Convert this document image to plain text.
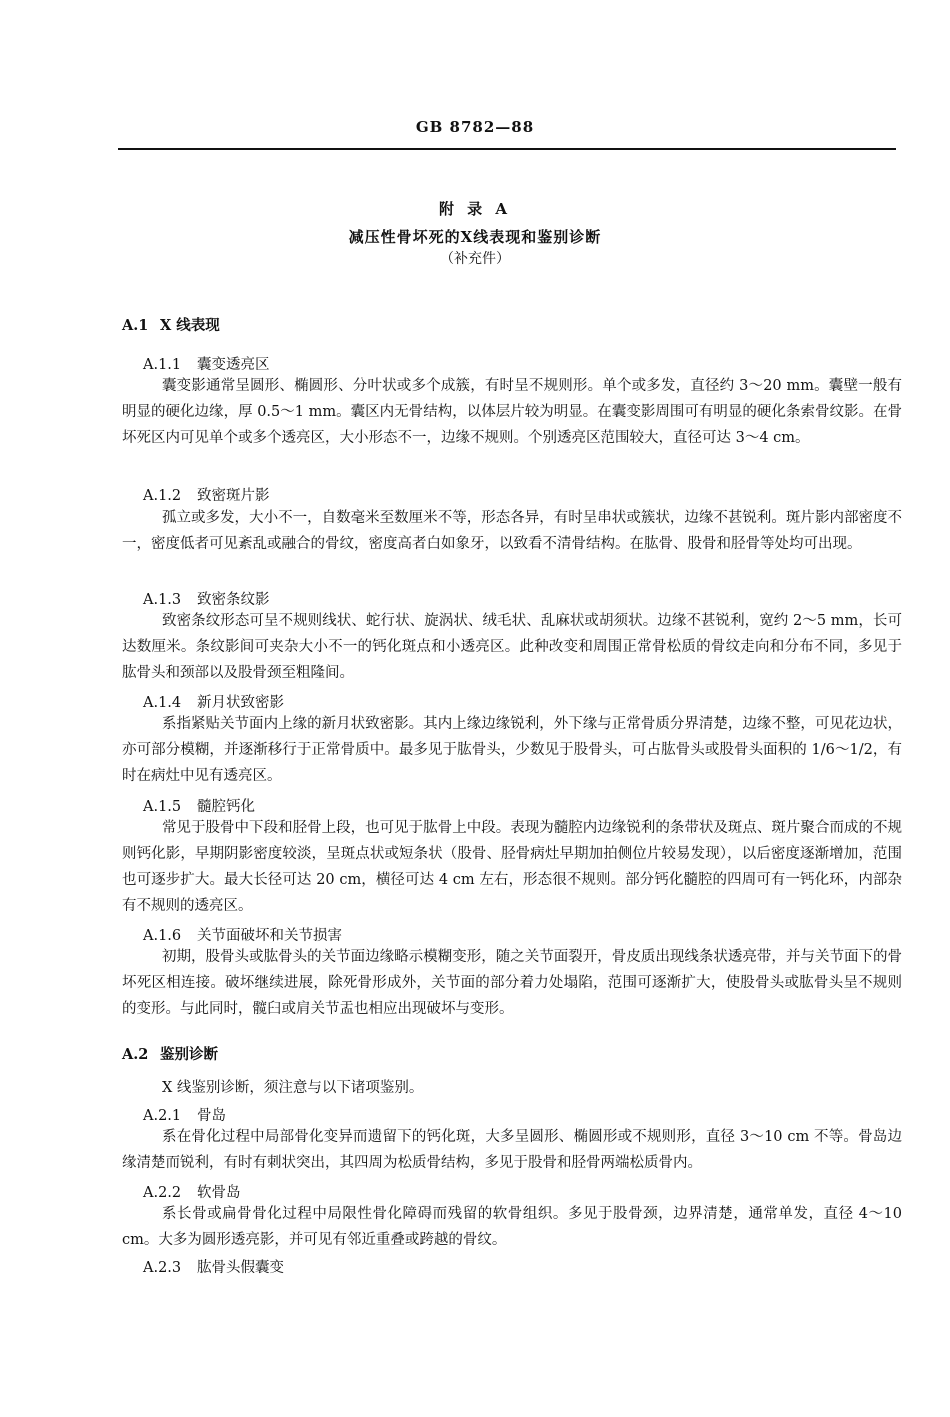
GB 8782—88
附 录 A
减压性骨坏死的X线表现和鉴别诊断
（补充件）
A.1 X 线表现
A.1.1 囊变透亮区
囊变影通常呈圆形、椭圆形、分叶状或多个成簇，有时呈不规则形。单个或多发，直径约 3～20 mm。囊壁一般有明显的硬化边缘，厚 0.5～1 mm。囊区内无骨结构，以体层片较为明显。在囊变影周围可有明显的硬化条索骨纹影。在骨坏死区内可见单个或多个透亮区，大小形态不一，边缘不规则。个别透亮区范围较大，直径可达 3～4 cm。
A.1.2 致密斑片影
孤立或多发，大小不一，自数毫米至数厘米不等，形态各异，有时呈串状或簇状，边缘不甚锐利。斑片影内部密度不一，密度低者可见紊乱或融合的骨纹，密度高者白如象牙，以致看不清骨结构。在肱骨、股骨和胫骨等处均可出现。
A.1.3 致密条纹影
致密条纹形态可呈不规则线状、蛇行状、旋涡状、绒毛状、乱麻状或胡须状。边缘不甚锐利，宽约 2～5 mm，长可达数厘米。条纹影间可夹杂大小不一的钙化斑点和小透亮区。此种改变和周围正常骨松质的骨纹走向和分布不同，多见于肱骨头和颈部以及股骨颈至粗隆间。
A.1.4 新月状致密影
系指紧贴关节面内上缘的新月状致密影。其内上缘边缘锐利，外下缘与正常骨质分界清楚，边缘不整，可见花边状，亦可部分模糊，并逐渐移行于正常骨质中。最多见于肱骨头，少数见于股骨头，可占肱骨头或股骨头面积的 1/6～1/2，有时在病灶中见有透亮区。
A.1.5 髓腔钙化
常见于股骨中下段和胫骨上段，也可见于肱骨上中段。表现为髓腔内边缘锐利的条带状及斑点、斑片聚合而成的不规则钙化影，早期阴影密度较淡，呈斑点状或短条状（股骨、胫骨病灶早期加拍侧位片较易发现），以后密度逐渐增加，范围也可逐步扩大。最大长径可达 20 cm，横径可达 4 cm 左右，形态很不规则。部分钙化髓腔的四周可有一钙化环，内部杂有不规则的透亮区。
A.1.6 关节面破坏和关节损害
初期，股骨头或肱骨头的关节面边缘略示模糊变形，随之关节面裂开，骨皮质出现线条状透亮带，并与关节面下的骨坏死区相连接。破坏继续进展，除死骨形成外，关节面的部分着力处塌陷，范围可逐渐扩大，使股骨头或肱骨头呈不规则的变形。与此同时，髋臼或肩关节盂也相应出现破坏与变形。
A.2 鉴别诊断
X 线鉴别诊断，须注意与以下诸项鉴别。
A.2.1 骨岛
系在骨化过程中局部骨化变异而遗留下的钙化斑，大多呈圆形、椭圆形或不规则形，直径 3～10 cm 不等。骨岛边缘清楚而锐利，有时有刺状突出，其四周为松质骨结构，多见于股骨和胫骨两端松质骨内。
A.2.2 软骨岛
系长骨或扁骨骨化过程中局限性骨化障碍而残留的软骨组织。多见于股骨颈，边界清楚，通常单发，直径 4～10 cm。大多为圆形透亮影，并可见有邻近重叠或跨越的骨纹。
A.2.3 肱骨头假囊变
